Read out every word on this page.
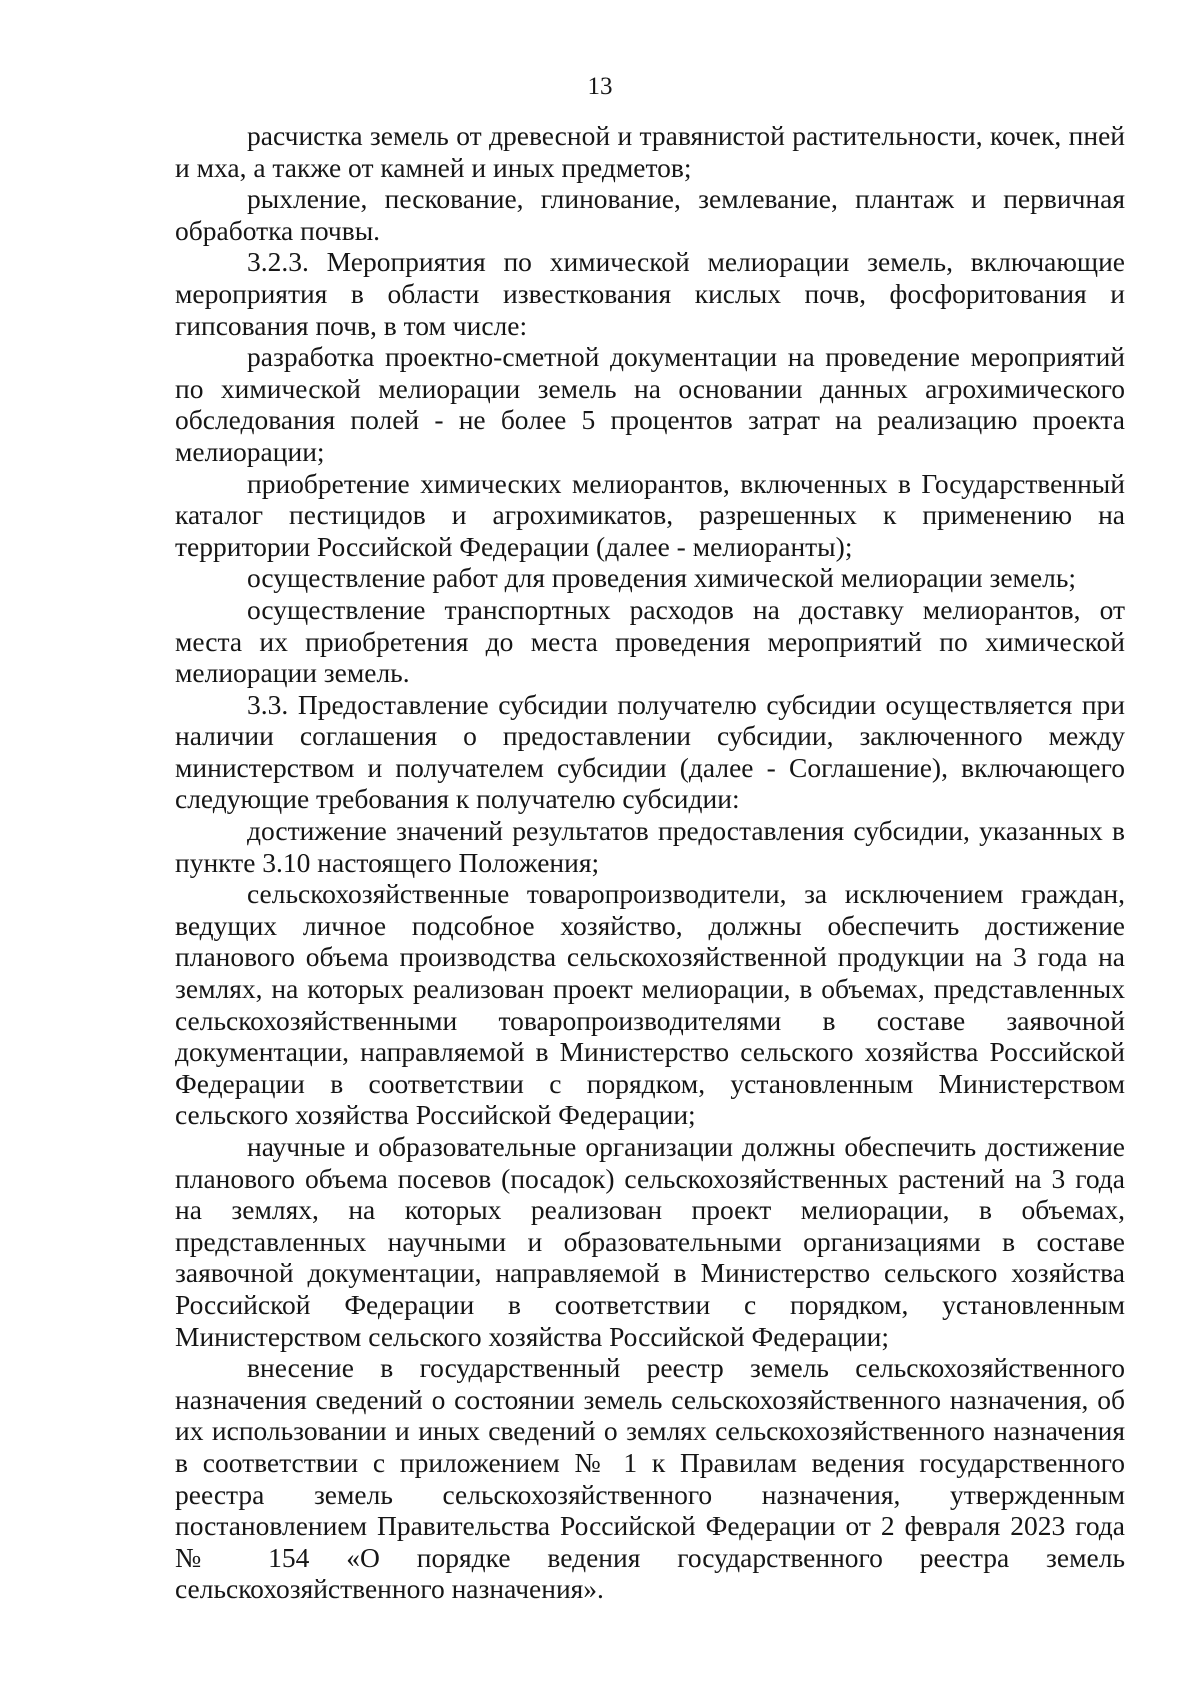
13

расчистка земель от древесной и травянистой растительности, кочек, пней и мха, а также от камней и иных предметов;

рыхление, пескование, глинование, землевание, плантаж и первичная обработка почвы.

3.2.3. Мероприятия по химической мелиорации земель, включающие мероприятия в области известкования кислых почв, фосфоритования и гипсования почв, в том числе:

разработка проектно-сметной документации на проведение мероприятий по химической мелиорации земель на основании данных агрохимического обследования полей - не более 5 процентов затрат на реализацию проекта мелиорации;

приобретение химических мелиорантов, включенных в Государственный каталог пестицидов и агрохимикатов, разрешенных к применению на территории Российской Федерации (далее - мелиоранты);

осуществление работ для проведения химической мелиорации земель;

осуществление транспортных расходов на доставку мелиорантов, от места их приобретения до места проведения мероприятий по химической мелиорации земель.

3.3. Предоставление субсидии получателю субсидии осуществляется при наличии соглашения о предоставлении субсидии, заключенного между министерством и получателем субсидии (далее - Соглашение), включающего следующие требования к получателю субсидии:

достижение значений результатов предоставления субсидии, указанных в пункте 3.10 настоящего Положения;

сельскохозяйственные товаропроизводители, за исключением граждан, ведущих личное подсобное хозяйство, должны обеспечить достижение планового объема производства сельскохозяйственной продукции на 3 года на землях, на которых реализован проект мелиорации, в объемах, представленных сельскохозяйственными товаропроизводителями в составе заявочной документации, направляемой в Министерство сельского хозяйства Российской Федерации в соответствии с порядком, установленным Министерством сельского хозяйства Российской Федерации;

научные и образовательные организации должны обеспечить достижение планового объема посевов (посадок) сельскохозяйственных растений на 3 года на землях, на которых реализован проект мелиорации, в объемах, представленных научными и образовательными организациями в составе заявочной документации, направляемой в Министерство сельского хозяйства Российской Федерации в соответствии с порядком, установленным Министерством сельского хозяйства Российской Федерации;

внесение в государственный реестр земель сельскохозяйственного назначения сведений о состоянии земель сельскохозяйственного назначения, об их использовании и иных сведений о землях сельскохозяйственного назначения в соответствии с приложением № 1 к Правилам ведения государственного реестра земель сельскохозяйственного назначения, утвержденным постановлением Правительства Российской Федерации от 2 февраля 2023 года № 154 «О порядке ведения государственного реестра земель сельскохозяйственного назначения».
